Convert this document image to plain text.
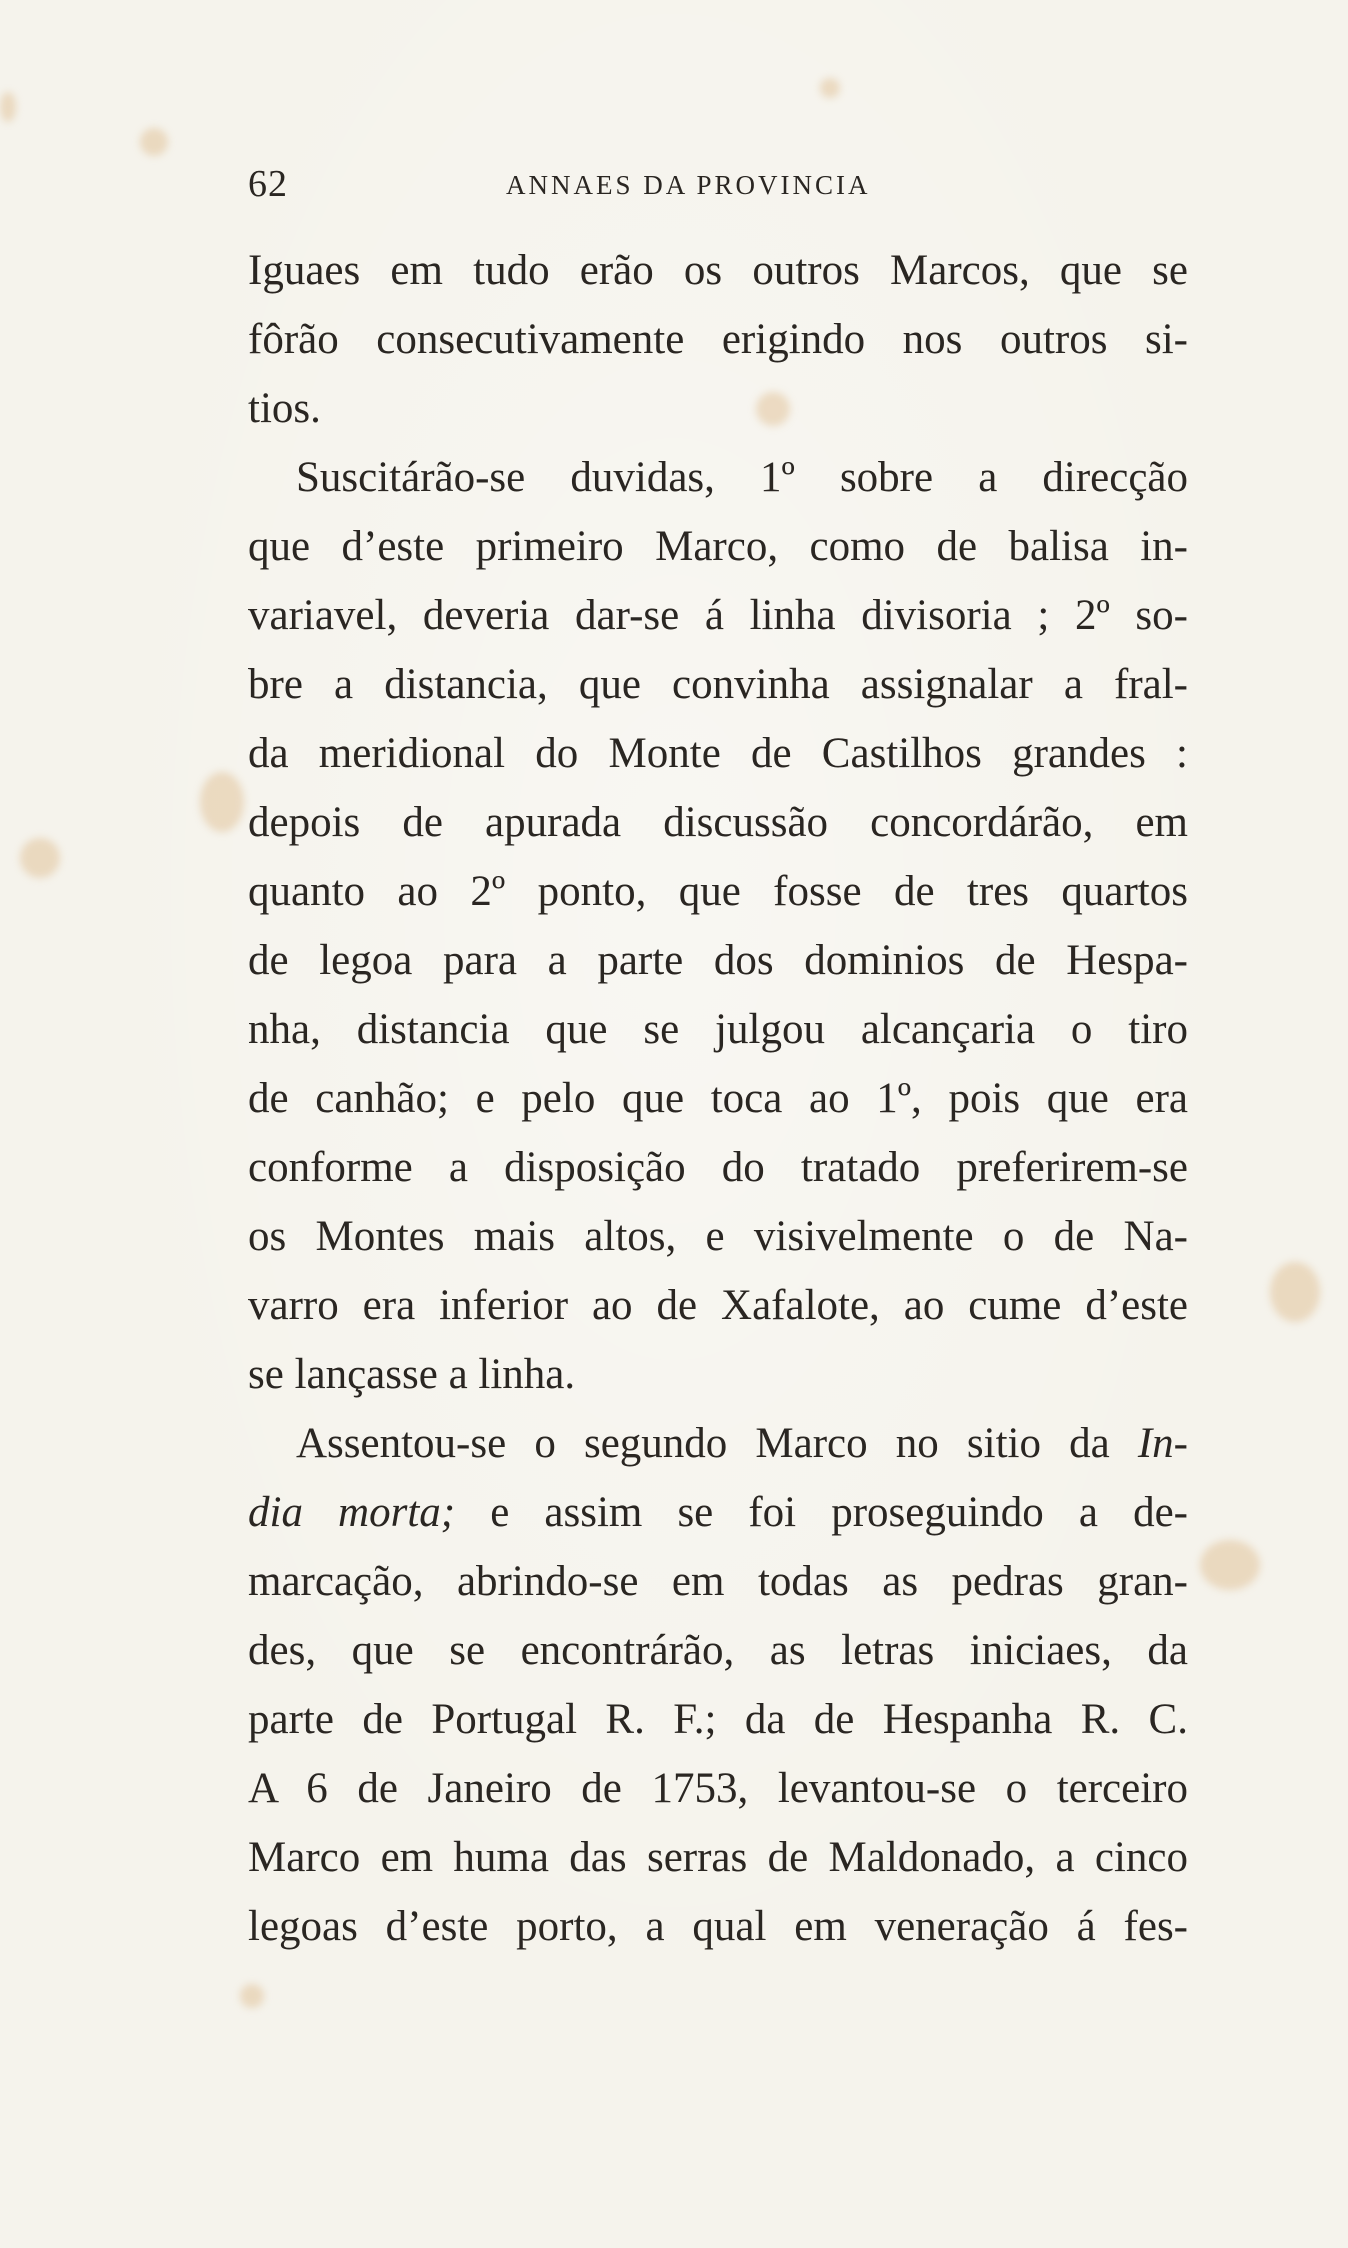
62	ANNAES DA PROVINCIA

Iguaes em tudo erão os outros Marcos, que se
fôrão consecutivamente erigindo nos outros si-
tios.

Suscitárão-se duvidas, 1º sobre a direcção
que d’este primeiro Marco, como de balisa in-
variavel, deveria dar-se á linha divisoria ; 2º so-
bre a distancia, que convinha assignalar a fral-
da meridional do Monte de Castilhos grandes :
depois de apurada discussão concordárão, em
quanto ao 2º ponto, que fosse de tres quartos
de legoa para a parte dos dominios de Hespa-
nha, distancia que se julgou alcançaria o tiro
de canhão; e pelo que toca ao 1º, pois que era
conforme a disposição do tratado preferirem-se
os Montes mais altos, e visivelmente o de Na-
varro era inferior ao de Xafalote, ao cume d’este
se lançasse a linha.

Assentou-se o segundo Marco no sitio da In-
dia morta; e assim se foi proseguindo a de-
marcação, abrindo-se em todas as pedras gran-
des, que se encontrárão, as letras iniciaes, da
parte de Portugal R. F.; da de Hespanha R. C.
A 6 de Janeiro de 1753, levantou-se o terceiro
Marco em huma das serras de Maldonado, a cinco
legoas d’este porto, a qual em veneração á fes-
